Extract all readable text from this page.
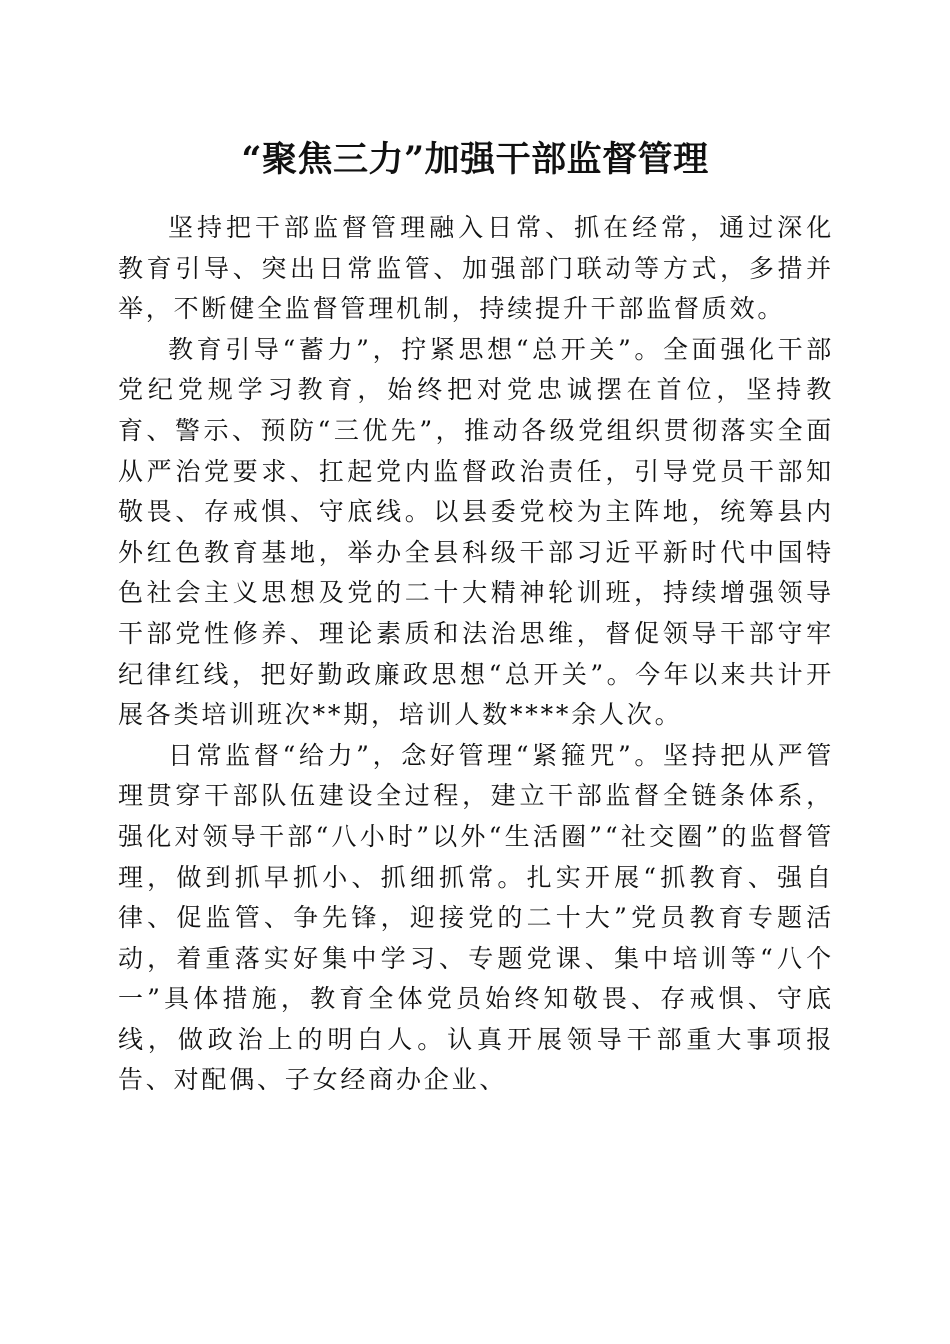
“聚焦三力”加强干部监督管理

坚持把干部监督管理融入日常、抓在经常，通过深化教育引导、突出日常监管、加强部门联动等方式，多措并举，不断健全监督管理机制，持续提升干部监督质效。

教育引导“蓄力”，拧紧思想“总开关”。全面强化干部党纪党规学习教育，始终把对党忠诚摆在首位，坚持教育、警示、预防“三优先”，推动各级党组织贯彻落实全面从严治党要求、扛起党内监督政治责任，引导党员干部知敬畏、存戒惧、守底线。以县委党校为主阵地，统筹县内外红色教育基地，举办全县科级干部习近平新时代中国特色社会主义思想及党的二十大精神轮训班，持续增强领导干部党性修养、理论素质和法治思维，督促领导干部守牢纪律红线，把好勤政廉政思想“总开关”。今年以来共计开展各类培训班次**期，培训人数****余人次。

日常监督“给力”，念好管理“紧箍咒”。坚持把从严管理贯穿干部队伍建设全过程，建立干部监督全链条体系，强化对领导干部“八小时”以外“生活圈”“社交圈”的监督管理，做到抓早抓小、抓细抓常。扎实开展“抓教育、强自律、促监管、争先锋，迎接党的二十大”党员教育专题活动，着重落实好集中学习、专题党课、集中培训等“八个一”具体措施，教育全体党员始终知敬畏、存戒惧、守底线，做政治上的明白人。认真开展领导干部重大事项报告、对配偶、子女经商办企业、
